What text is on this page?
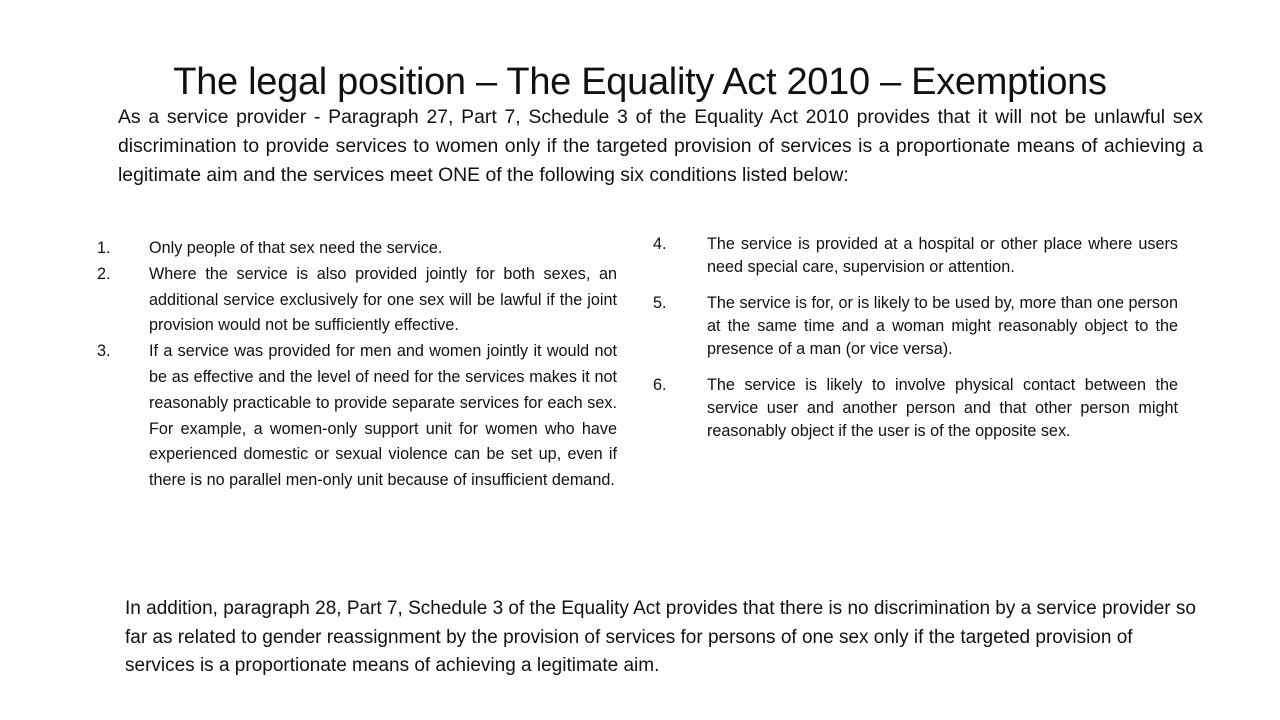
The legal position – The Equality Act 2010 – Exemptions
As a service provider - Paragraph 27, Part 7, Schedule 3 of the Equality Act 2010 provides that it will not be unlawful sex discrimination to provide services to women only if the targeted provision of services is a proportionate means of achieving a legitimate aim and the services meet ONE of the following six conditions listed below:
1.	Only people of that sex need the service.
2.	Where the service is also provided jointly for both sexes, an additional service exclusively for one sex will be lawful if the joint provision would not be sufficiently effective.
3.	If a service was provided for men and women jointly it would not be as effective and the level of need for the services makes it not reasonably practicable to provide separate services for each sex. For example, a women-only support unit for women who have experienced domestic or sexual violence can be set up, even if there is no parallel men-only unit because of insufficient demand.
4.	The service is provided at a hospital or other place where users need special care, supervision or attention.
5.	The service is for, or is likely to be used by, more than one person at the same time and a woman might reasonably object to the presence of a man (or vice versa).
6.	The service is likely to involve physical contact between the service user and another person and that other person might reasonably object if the user is of the opposite sex.
In addition, paragraph 28, Part 7, Schedule 3 of the Equality Act provides that there is no discrimination by a service provider so far as related to gender reassignment by the provision of services for persons of one sex only if the targeted provision of services is a proportionate means of achieving a legitimate aim.
